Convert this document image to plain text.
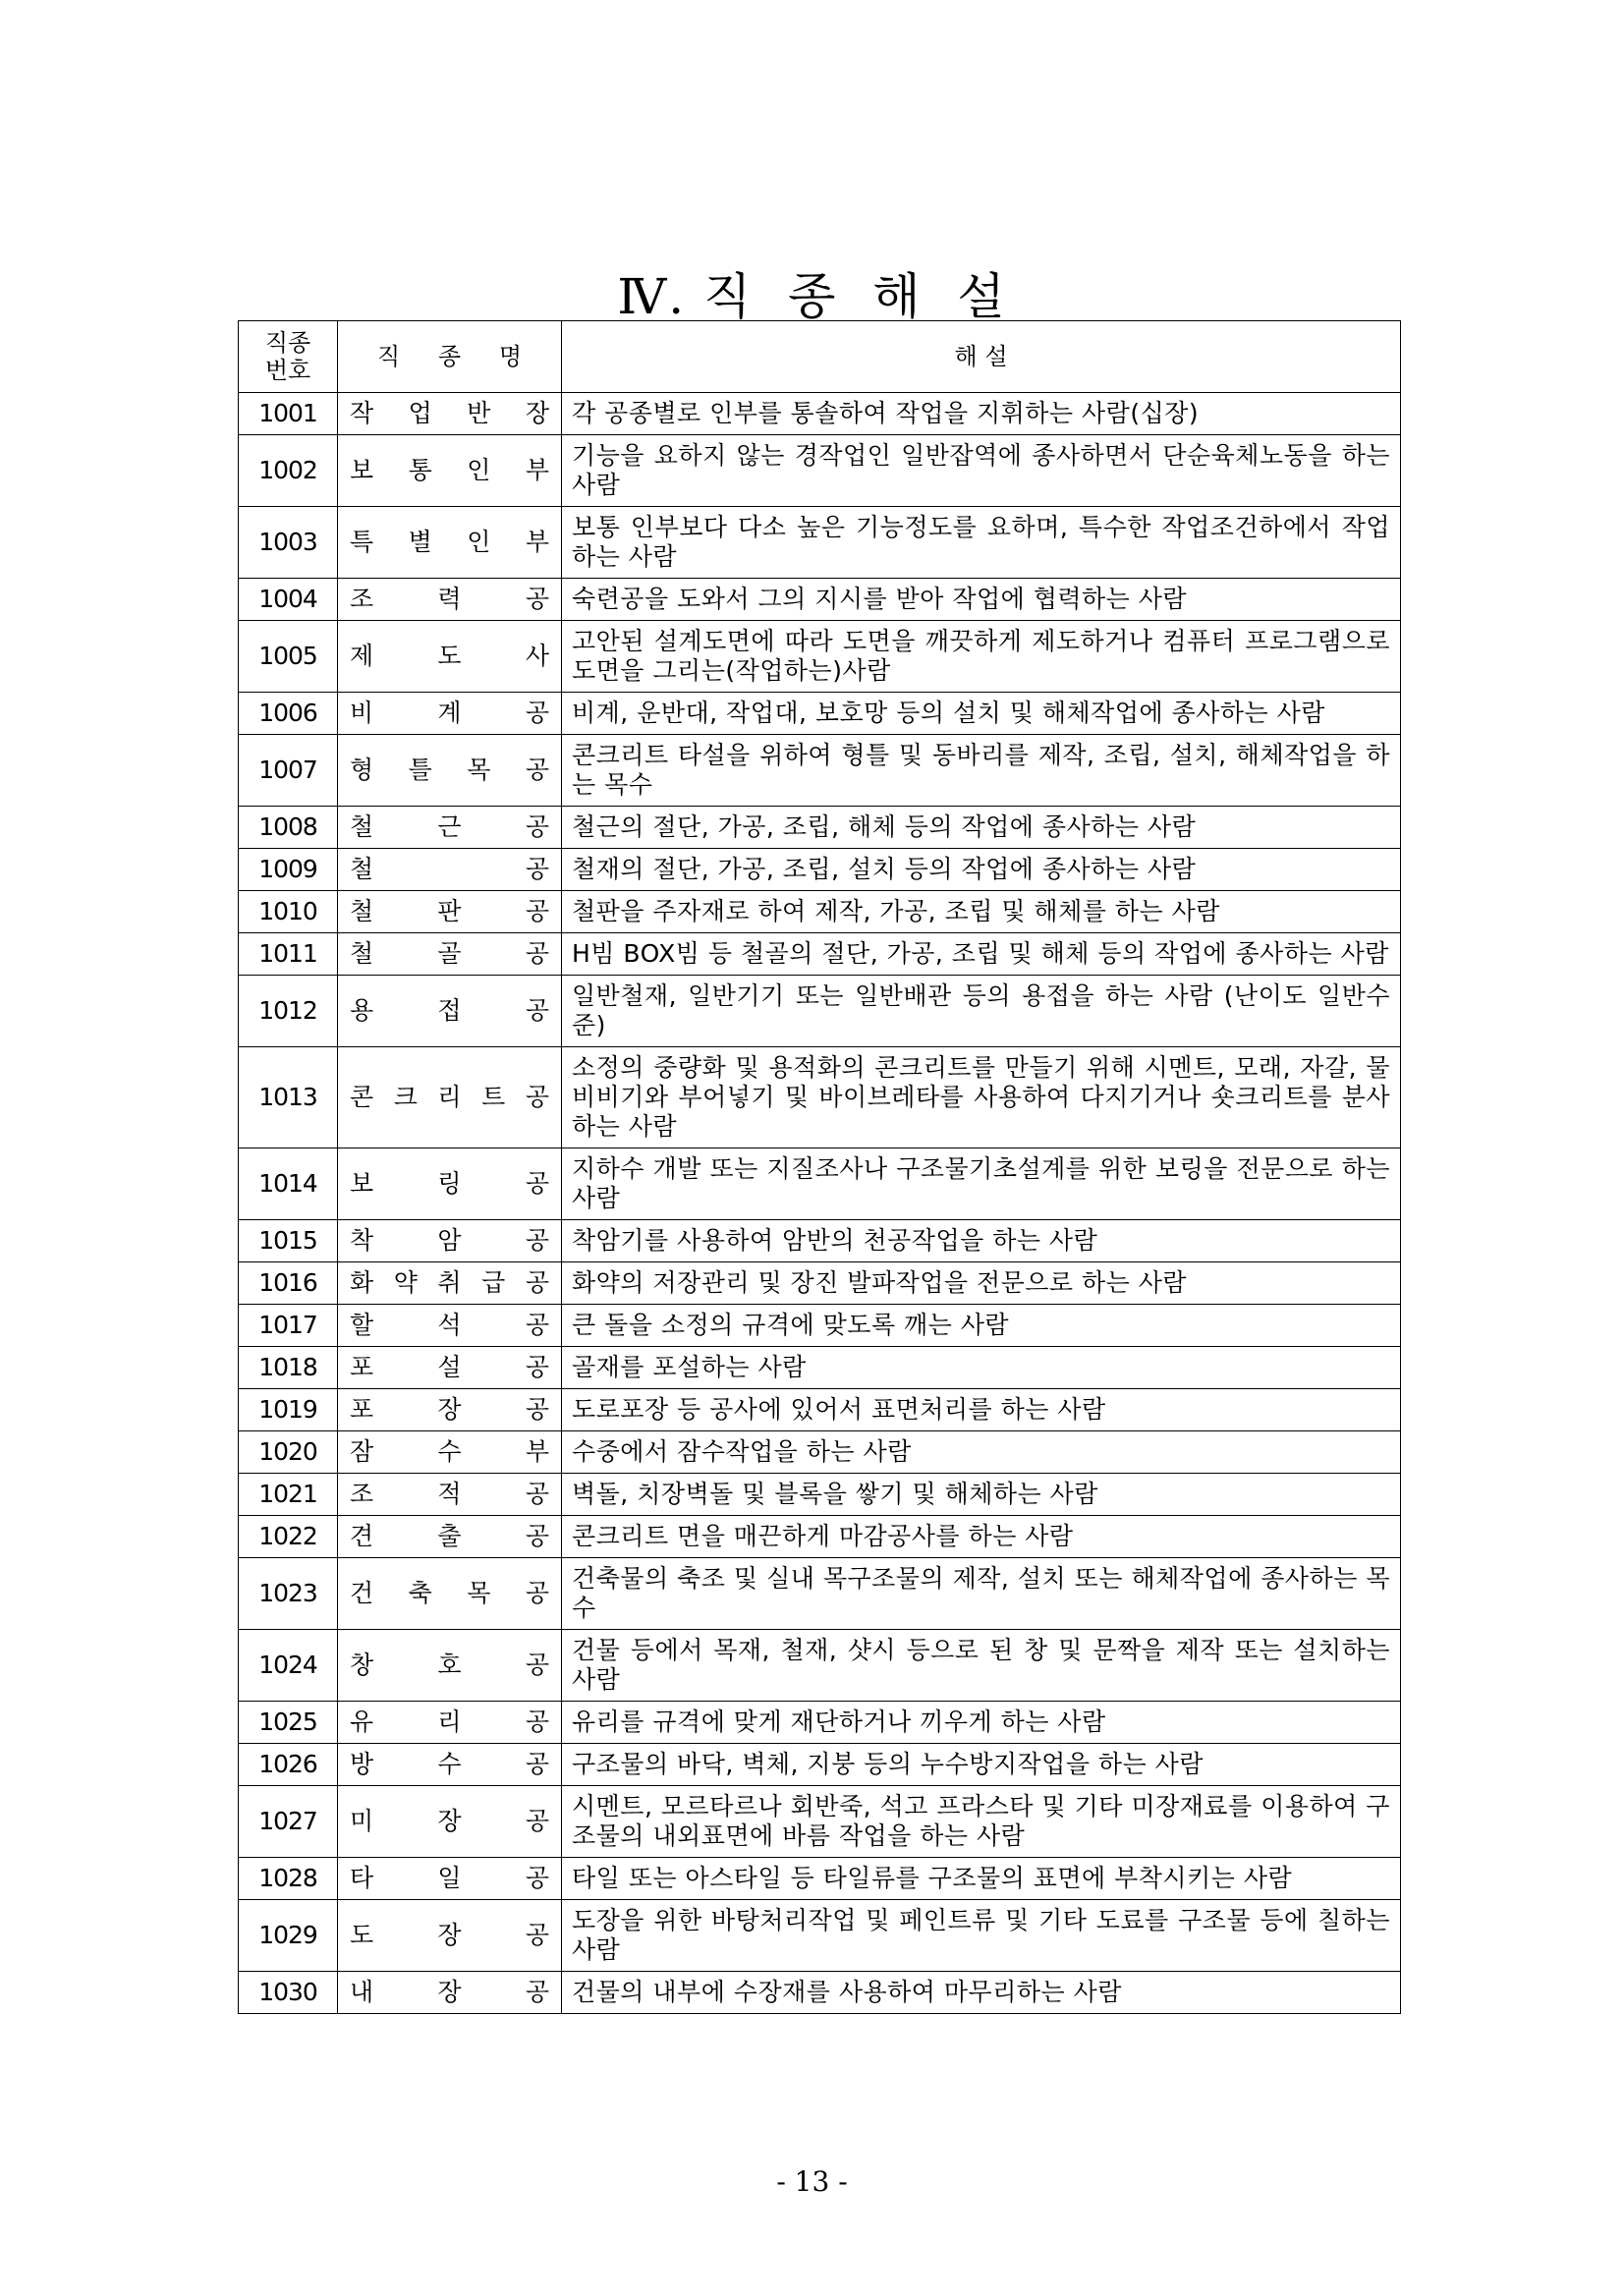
Ⅳ. 직  종  해  설
직종
번호	직 종 명	해 설
1001	작 업 반 장	각 공종별로 인부를 통솔하여 작업을 지휘하는 사람(십장)
1002	보 통 인 부	기능을 요하지 않는 경작업인 일반잡역에 종사하면서 단순육체노동을 하는 사람
1003	특 별 인 부	보통 인부보다 다소 높은 기능정도를 요하며, 특수한 작업조건하에서 작업하는 사람
1004	조 력 공	숙련공을 도와서 그의 지시를 받아 작업에 협력하는 사람
1005	제 도 사	고안된 설계도면에 따라 도면을 깨끗하게 제도하거나 컴퓨터 프로그램으로 도면을 그리는(작업하는)사람
1006	비 계 공	비계, 운반대, 작업대, 보호망 등의 설치 및 해체작업에 종사하는 사람
1007	형 틀 목 공	콘크리트 타설을 위하여 형틀 및 동바리를 제작, 조립, 설치, 해체작업을 하는 목수
1008	철 근 공	철근의 절단, 가공, 조립, 해체 등의 작업에 종사하는 사람
1009	철 공	철재의 절단, 가공, 조립, 설치 등의 작업에 종사하는 사람
1010	철 판 공	철판을 주자재로 하여 제작, 가공, 조립 및 해체를 하는 사람
1011	철 골 공	H빔 BOX빔 등 철골의 절단, 가공, 조립 및 해체 등의 작업에 종사하는 사람
1012	용 접 공	일반철재, 일반기기 또는 일반배관 등의 용접을 하는 사람 (난이도 일반수준)
1013	콘 크 리 트 공	소정의 중량화 및 용적화의 콘크리트를 만들기 위해 시멘트, 모래, 자갈, 물 비비기와 부어넣기 및 바이브레타를 사용하여 다지기거나 숏크리트를 분사하는 사람
1014	보 링 공	지하수 개발 또는 지질조사나 구조물기초설계를 위한 보링을 전문으로 하는 사람
1015	착 암 공	착암기를 사용하여 암반의 천공작업을 하는 사람
1016	화 약 취 급 공	화약의 저장관리 및 장진 발파작업을 전문으로 하는 사람
1017	할 석 공	큰 돌을 소정의 규격에 맞도록 깨는 사람
1018	포 설 공	골재를 포설하는 사람
1019	포 장 공	도로포장 등 공사에 있어서 표면처리를 하는 사람
1020	잠 수 부	수중에서 잠수작업을 하는 사람
1021	조 적 공	벽돌, 치장벽돌 및 블록을 쌓기 및 해체하는 사람
1022	견 출 공	콘크리트 면을 매끈하게 마감공사를 하는 사람
1023	건 축 목 공	건축물의 축조 및 실내 목구조물의 제작, 설치 또는 해체작업에 종사하는 목수
1024	창 호 공	건물 등에서 목재, 철재, 샷시 등으로 된 창 및 문짝을 제작 또는 설치하는 사람
1025	유 리 공	유리를 규격에 맞게 재단하거나 끼우게 하는 사람
1026	방 수 공	구조물의 바닥, 벽체, 지붕 등의 누수방지작업을 하는 사람
1027	미 장 공	시멘트, 모르타르나 회반죽, 석고 프라스타 및 기타 미장재료를 이용하여 구조물의 내외표면에 바름 작업을 하는 사람
1028	타 일 공	타일 또는 아스타일 등 타일류를 구조물의 표면에 부착시키는 사람
1029	도 장 공	도장을 위한 바탕처리작업 및 페인트류 및 기타 도료를 구조물 등에 칠하는 사람
1030	내 장 공	건물의 내부에 수장재를 사용하여 마무리하는 사람
- 13 -
